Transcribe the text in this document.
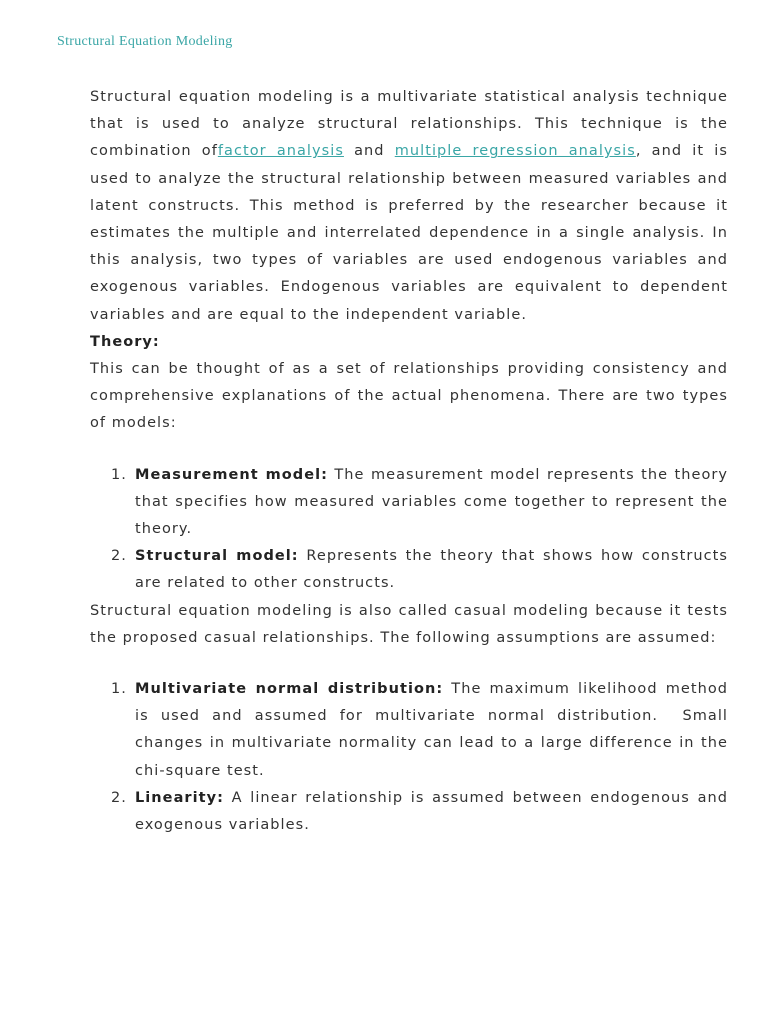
Structural Equation Modeling

Structural equation modeling is a multivariate statistical analysis technique that is used to analyze structural relationships. This technique is the combination offactor analysis and multiple regression analysis, and it is used to analyze the structural relationship between measured variables and latent constructs. This method is preferred by the researcher because it estimates the multiple and interrelated dependence in a single analysis. In this analysis, two types of variables are used endogenous variables and exogenous variables. Endogenous variables are equivalent to dependent variables and are equal to the independent variable.

Theory:

This can be thought of as a set of relationships providing consistency and comprehensive explanations of the actual phenomena. There are two types of models:

1. Measurement model: The measurement model represents the theory that specifies how measured variables come together to represent the theory.
2. Structural model: Represents the theory that shows how constructs are related to other constructs.

Structural equation modeling is also called casual modeling because it tests the proposed casual relationships. The following assumptions are assumed:

1. Multivariate normal distribution: The maximum likelihood method is used and assumed for multivariate normal distribution.  Small changes in multivariate normality can lead to a large difference in the chi-square test.
2. Linearity: A linear relationship is assumed between endogenous and exogenous variables.
